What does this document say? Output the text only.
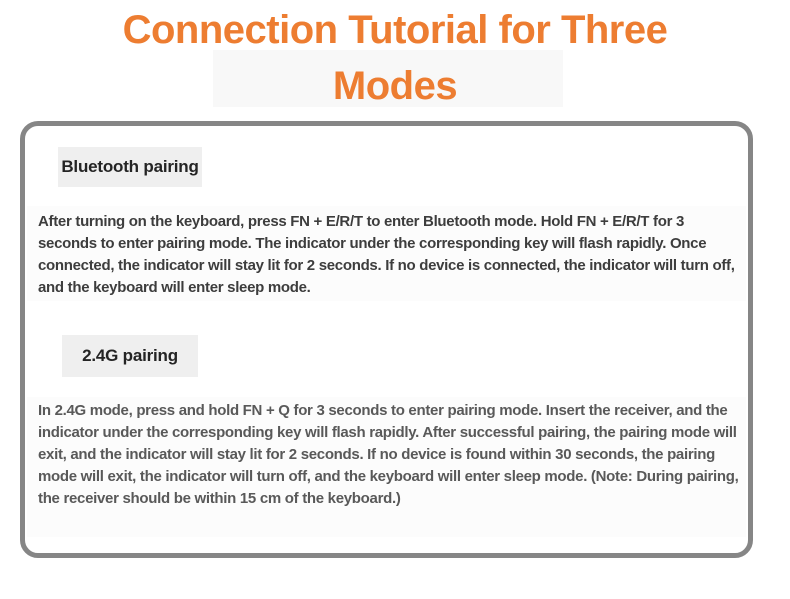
Connection Tutorial for Three
Modes
Bluetooth pairing
After turning on the keyboard, press FN + E/R/T to enter Bluetooth mode. Hold FN + E/R/T for 3 seconds to enter pairing mode. The indicator under the corresponding key will flash rapidly. Once connected, the indicator will stay lit for 2 seconds. If no device is connected, the indicator will turn off, and the keyboard will enter sleep mode.
2.4G pairing
In 2.4G mode, press and hold FN + Q for 3 seconds to enter pairing mode. Insert the receiver, and the indicator under the corresponding key will flash rapidly. After successful pairing, the pairing mode will exit, and the indicator will stay lit for 2 seconds. If no device is found within 30 seconds, the pairing mode will exit, the indicator will turn off, and the keyboard will enter sleep mode. (Note: During pairing, the receiver should be within 15 cm of the keyboard.)
